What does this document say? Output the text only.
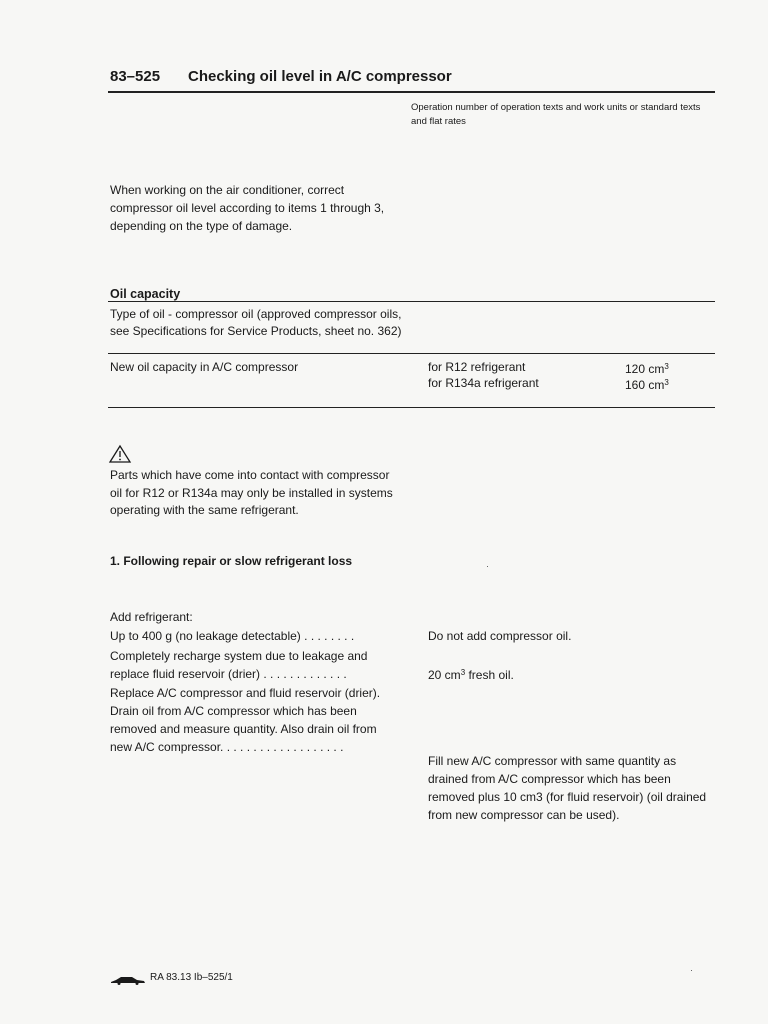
83–525 Checking oil level in A/C compressor
Operation number of operation texts and work units or standard texts and flat rates
When working on the air conditioner, correct compressor oil level according to items 1 through 3, depending on the type of damage.
Oil capacity
Type of oil - compressor oil (approved compressor oils, see Specifications for Service Products, sheet no. 362)
New oil capacity in A/C compressor	for R12 refrigerant	120 $cm^3$
for R134a refrigerant	160 $cm^3$
Parts which have come into contact with compressor oil for R12 or R134a may only be installed in systems operating with the same refrigerant.
1. Following repair or slow refrigerant loss
Add refrigerant:
Up to 400 g (no leakage detectable) . . . . . . . .	Do not add compressor oil.
Completely recharge system due to leakage and
replace fluid reservoir (drier) . . . . . . . . . . . . .	20 $cm^3$ fresh oil.
Replace A/C compressor and fluid reservoir (drier).
Drain oil from A/C compressor which has been
removed and measure quantity. Also drain oil from
new A/C compressor. . . . . . . . . . . . . . . . . . .
Fill new A/C compressor with same quantity as drained from A/C compressor which has been removed plus 10 cm3 (for fluid reservoir) (oil drained from new compressor can be used).
RA 83.13 Ib–525/1
